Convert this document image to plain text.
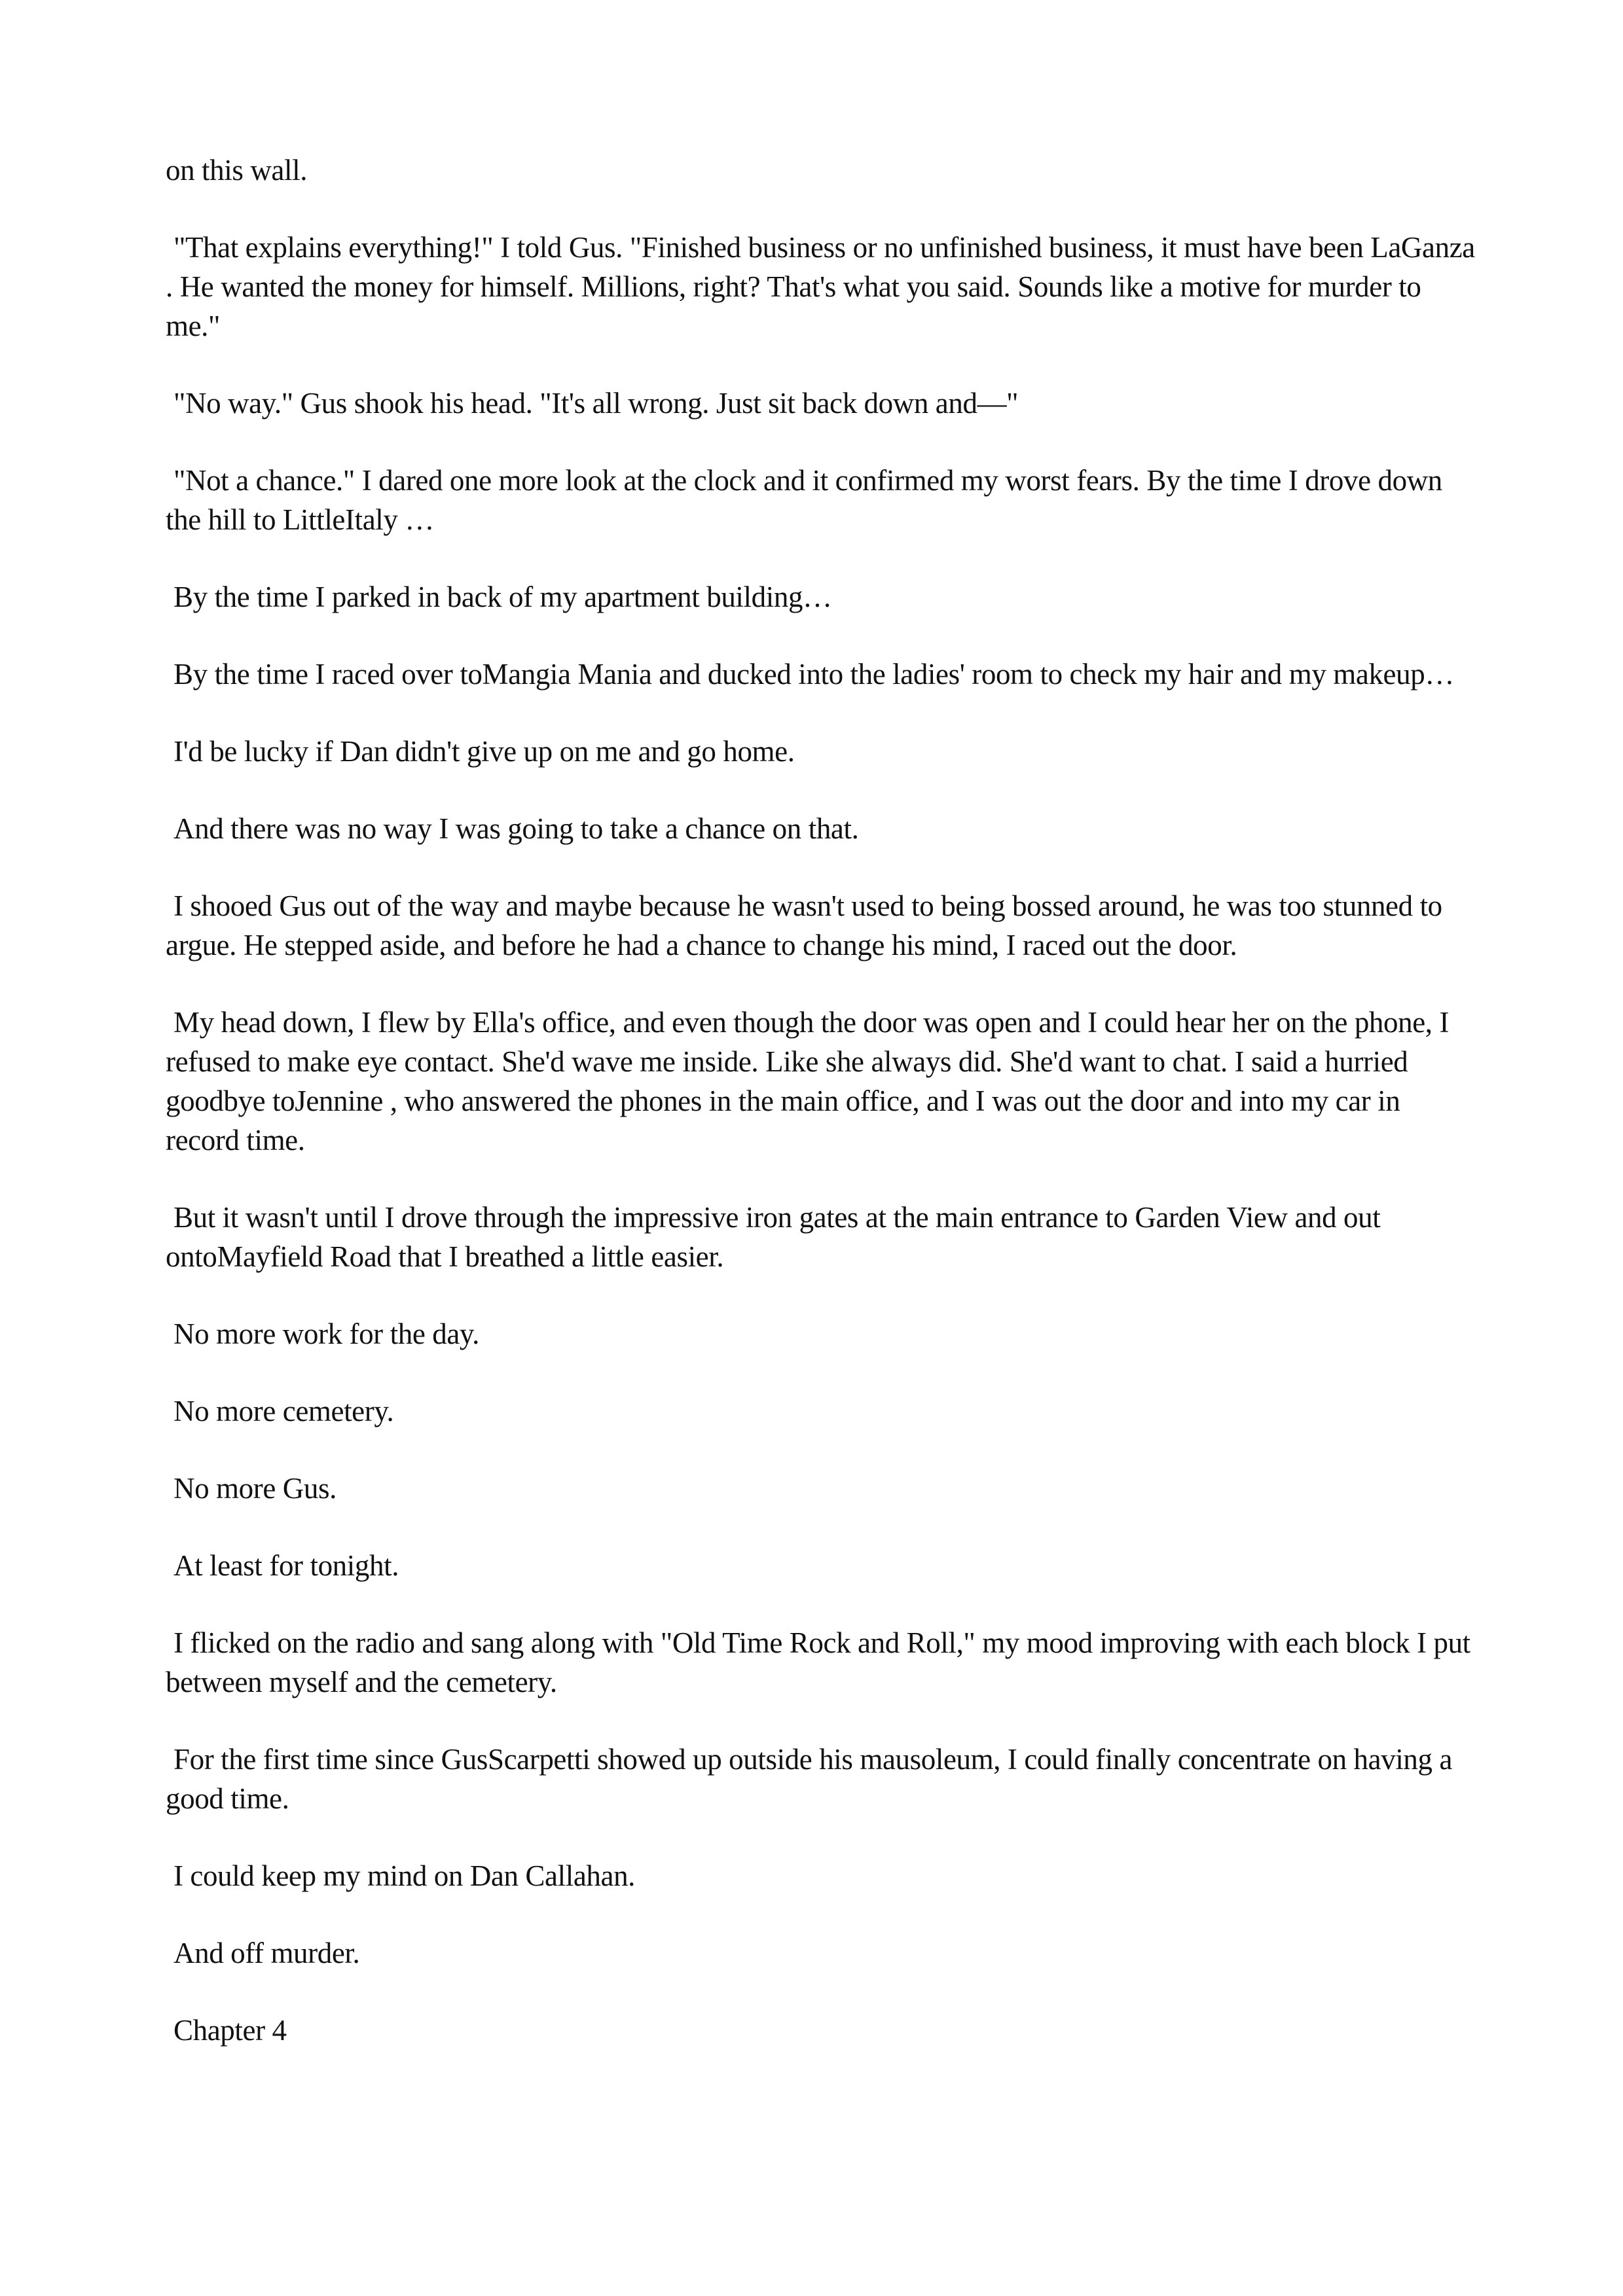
on this wall.

"That explains everything!" I told Gus. "Finished business or no unfinished business, it must have been LaGanza . He wanted the money for himself. Millions, right? That's what you said. Sounds like a motive for murder to me."

"No way." Gus shook his head. "It's all wrong. Just sit back down and—"

"Not a chance." I dared one more look at the clock and it confirmed my worst fears. By the time I drove down the hill to LittleItaly …

By the time I parked in back of my apartment building…

By the time I raced over toMangia Mania and ducked into the ladies' room to check my hair and my makeup…

I'd be lucky if Dan didn't give up on me and go home.

And there was no way I was going to take a chance on that.

I shooed Gus out of the way and maybe because he wasn't used to being bossed around, he was too stunned to argue. He stepped aside, and before he had a chance to change his mind, I raced out the door.

My head down, I flew by Ella's office, and even though the door was open and I could hear her on the phone, I refused to make eye contact. She'd wave me inside. Like she always did. She'd want to chat. I said a hurried goodbye toJennine , who answered the phones in the main office, and I was out the door and into my car in record time.

But it wasn't until I drove through the impressive iron gates at the main entrance to Garden View and out ontoMayfield Road that I breathed a little easier.

No more work for the day.

No more cemetery.

No more Gus.

At least for tonight.

I flicked on the radio and sang along with "Old Time Rock and Roll," my mood improving with each block I put between myself and the cemetery.

For the first time since GusScarpetti showed up outside his mausoleum, I could finally concentrate on having a good time.

I could keep my mind on Dan Callahan.

And off murder.

Chapter 4
